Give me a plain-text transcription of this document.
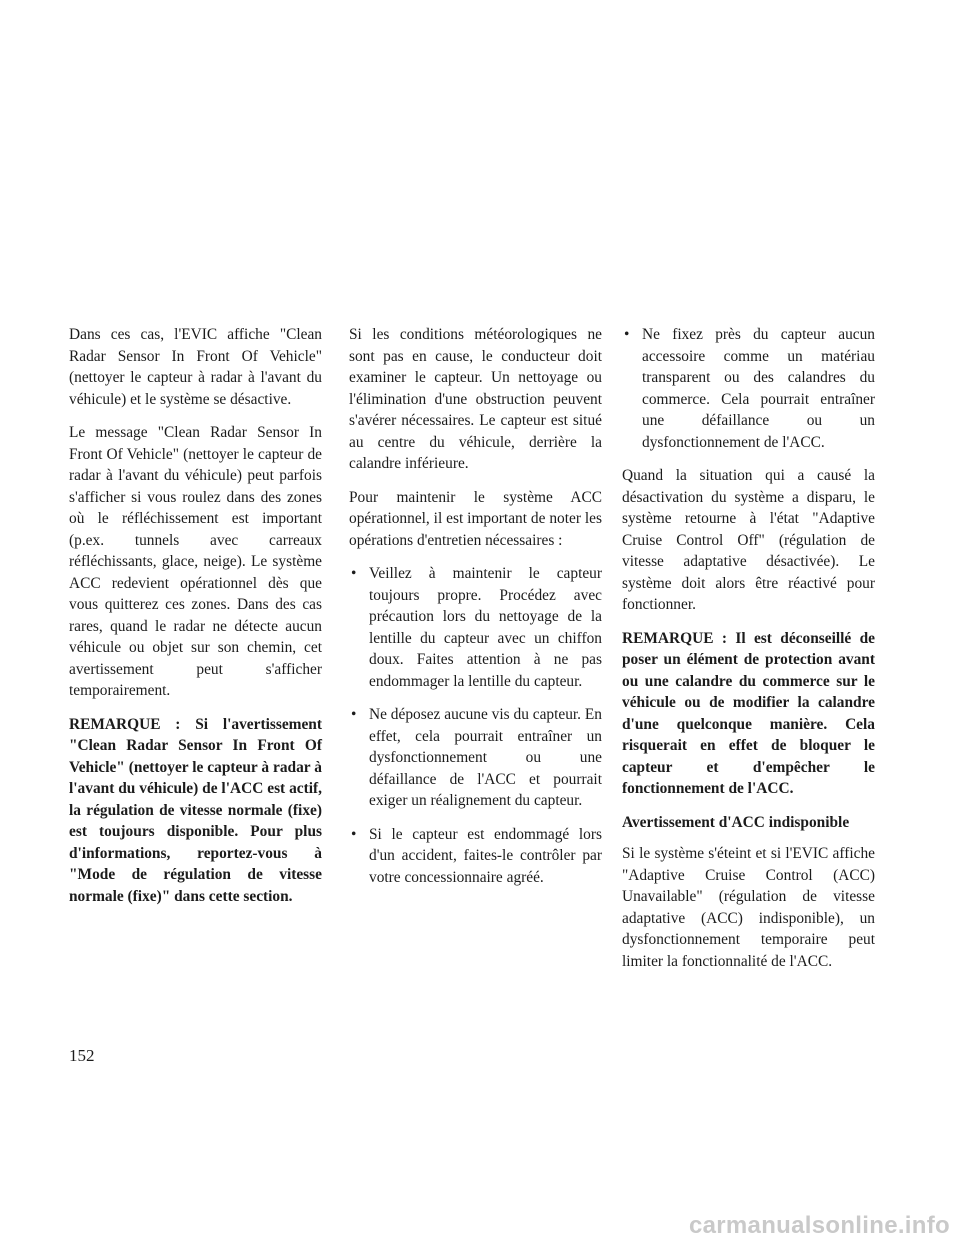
Dans ces cas, l'EVIC affiche "Clean Radar Sensor In Front Of Vehicle" (nettoyer le capteur à radar à l'avant du véhicule) et le système se désactive.

Le message "Clean Radar Sensor In Front Of Vehicle" (nettoyer le capteur de radar à l'avant du véhicule) peut parfois s'afficher si vous roulez dans des zones où le réfléchissement est important (p.ex. tunnels avec carreaux réfléchissants, glace, neige). Le système ACC redevient opérationnel dès que vous quitterez ces zones. Dans des cas rares, quand le radar ne détecte aucun véhicule ou objet sur son chemin, cet avertissement peut s'afficher temporairement.

REMARQUE : Si l'avertissement "Clean Radar Sensor In Front Of Vehicle" (nettoyer le capteur à radar à l'avant du véhicule) de l'ACC est actif, la régulation de vitesse normale (fixe) est toujours disponible. Pour plus d'informations, reportez-vous à "Mode de régulation de vitesse normale (fixe)" dans cette section.

Si les conditions météorologiques ne sont pas en cause, le conducteur doit examiner le capteur. Un nettoyage ou l'élimination d'une obstruction peuvent s'avérer nécessaires. Le capteur est situé au centre du véhicule, derrière la calandre inférieure.

Pour maintenir le système ACC opérationnel, il est important de noter les opérations d'entretien nécessaires :

• Veillez à maintenir le capteur toujours propre. Procédez avec précaution lors du nettoyage de la lentille du capteur avec un chiffon doux. Faites attention à ne pas endommager la lentille du capteur.
• Ne déposez aucune vis du capteur. En effet, cela pourrait entraîner un dysfonctionnement ou une défaillance de l'ACC et pourrait exiger un réalignement du capteur.
• Si le capteur est endommagé lors d'un accident, faites-le contrôler par votre concessionnaire agréé.
• Ne fixez près du capteur aucun accessoire comme un matériau transparent ou des calandres du commerce. Cela pourrait entraîner une défaillance ou un dysfonctionnement de l'ACC.

Quand la situation qui a causé la désactivation du système a disparu, le système retourne à l'état "Adaptive Cruise Control Off" (régulation de vitesse adaptative désactivée). Le système doit alors être réactivé pour fonctionner.

REMARQUE : Il est déconseillé de poser un élément de protection avant ou une calandre du commerce sur le véhicule ou de modifier la calandre d'une quelconque manière. Cela risquerait en effet de bloquer le capteur et d'empêcher le fonctionnement de l'ACC.

Avertissement d'ACC indisponible

Si le système s'éteint et si l'EVIC affiche "Adaptive Cruise Control (ACC) Unavailable" (régulation de vitesse adaptative (ACC) indisponible), un dysfonctionnement temporaire peut limiter la fonctionnalité de l'ACC.

152
carmanualsonline.info
